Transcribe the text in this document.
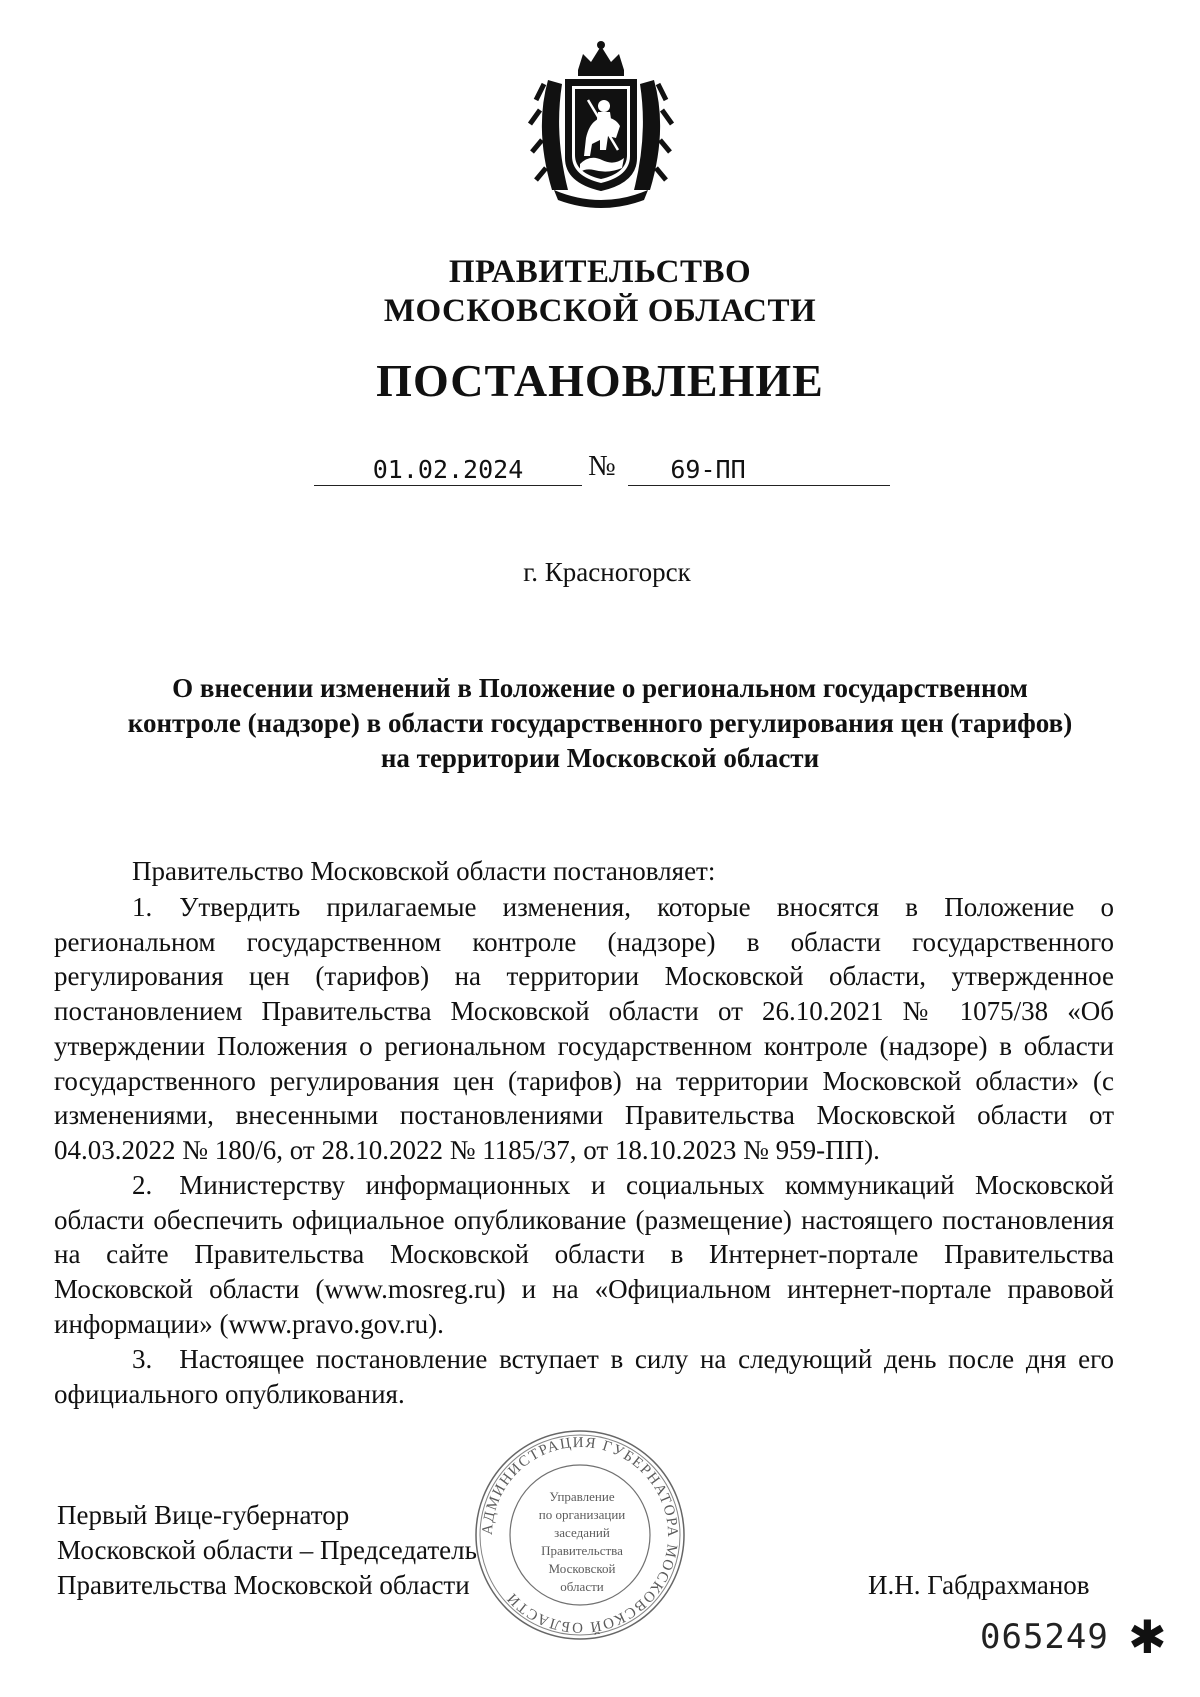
ПРАВИТЕЛЬСТВО
МОСКОВСКОЙ ОБЛАСТИ
ПОСТАНОВЛЕНИЕ
01.02.2024	№	69-ПП
г. Красногорск
О внесении изменений в Положение о региональном государственном
контроле (надзоре) в области государственного регулирования цен (тарифов)
на территории Московской области
Правительство Московской области постановляет:
1. Утвердить прилагаемые изменения, которые вносятся в Положение о региональном государственном контроле (надзоре) в области государственного регулирования цен (тарифов) на территории Московской области, утвержденное постановлением Правительства Московской области от 26.10.2021 № 1075/38 «Об утверждении Положения о региональном государственном контроле (надзоре) в области государственного регулирования цен (тарифов) на территории Московской области» (с изменениями, внесенными постановлениями Правительства Московской области от 04.03.2022 № 180/6, от 28.10.2022 № 1185/37, от 18.10.2023 № 959-ПП).
2. Министерству информационных и социальных коммуникаций Московской области обеспечить официальное опубликование (размещение) настоящего постановления на сайте Правительства Московской области в Интернет-портале Правительства Московской области (www.mosreg.ru) и на «Официальном интернет-портале правовой информации» (www.pravo.gov.ru).
3. Настоящее постановление вступает в силу на следующий день после дня его официального опубликования.
Первый Вице-губернатор
Московской области – Председатель
Правительства Московской области	И.Н. Габдрахманов
АДМИНИСТРАЦИЯ ГУБЕРНАТОРА МОСКОВСКОЙ ОБЛАСТИ
Управление
по организации
заседаний
Правительства
Московской
области
065249 ✱
